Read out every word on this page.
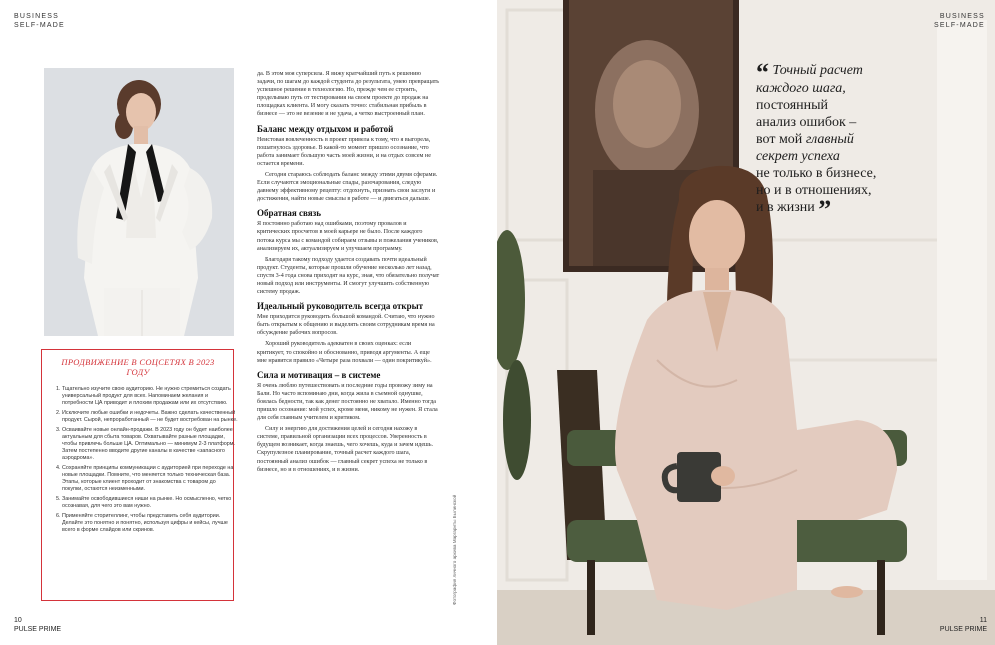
BUSINESS
SELF-MADE

да. В этом моя суперсила. Я вижу кратчайший путь к решению задачи, по шагам до каждой студента до результата, умею превращать успешное решение в технологию. Но, прежде чем ее строить, проделываю путь от тестирования на своем проекте до продаж на площадках клиента. И могу сказать точно: стабильная прибыль в бизнесе — это не везение и не удача, а четко выстроенный план.

Баланс между отдыхом и работой

Неистовая вовлеченность в проект привела к тому, что я выгорела, пошатнулось здоровье. В какой-то момент пришло осознание, что работа занимает большую часть моей жизни, и на отдых совсем не остается времени.

Сегодня стараюсь соблюдать баланс между этими двумя сферами. Если случаются эмоциональные спады, разочарования, следую давнему эффективному рецепту: отдохнуть, признать свои заслуги и достижения, найти новые смыслы в работе — и двигаться дальше.

Обратная связь

Я постоянно работаю над ошибками, поэтому провалов и критических просчетов в моей карьере не было. После каждого потока курса мы с командой собираем отзывы и пожелания учеников, анализируем их, актуализируем и улучшаем программу.

Благодаря такому подходу удается создавать почти идеальный продукт. Студенты, которые прошли обучение несколько лет назад, спустя 3-4 года снова приходят на курс, зная, что обязательно получат новый подход или инструменты. И смогут улучшить собственную систему продаж.

Идеальный руководитель всегда открыт

Мне приходится руководить большой командой. Считаю, что нужно быть открытым к общению и выделять своим сотрудникам время на обсуждение рабочих вопросов.

Хороший руководитель адекватен в своих оценках: если критикует, то спокойно и обоснованно, приводя аргументы. А еще мне нравится правило «Четыре раза похвали — один покритикуй».

Сила и мотивация – в системе

Я очень люблю путешествовать и последние годы провожу зиму на Бали. Но часто вспоминаю дни, когда жила в съемной однушке, боялась бедности, так как денег постоянно не хватало. Именно тогда пришло осознание: мой успех, кроме меня, никому не нужен. Я стала для себя главным учителем и критиком.

Силу и энергию для достижения целей и сегодня нахожу в системе, правильной организации всех процессов. Уверенность в будущем возникает, когда знаешь, чего хочешь, куда и зачем идешь. Скрупулезное планирование, точный расчет каждого шага, постоянный анализ ошибок — главный секрет успеха не только в бизнесе, но и в отношениях, и в жизни.

ПРОДВИЖЕНИЕ В СОЦСЕТЯХ В 2023 ГОДУ
1. Тщательно изучите свою аудиторию. Не нужно стремиться создать универсальный продукт для всех. Напоминаем желания и потребности ЦА приводит и плохим продажам или их отсутствию.
2. Исключите любые ошибки и недочеты. Важно сделать качественный продукт. Сырой, непроработанный — не будет востребован на рынке.
3. Осваивайте новые онлайн-продажи. В 2023 году он будет наиболее актуальным для сбыта товаров. Охватывайте разные площадки, чтобы привлечь больше ЦА. Оптимально — минимум 2-3 платформ. Затем постепенно вводите другие каналы в качестве «запасного аэродрома».
4. Сохраняйте принципы коммуникации с аудиторией при переходе на новые площадки. Помните, что меняется только техническая база. Этапы, которые клиент проходит от знакомства с товаром до покупки, остаются неизменными.
5. Занимайте освободившиеся ниши на рынке. Но осмысленно, четко осознавая, для чего это вам нужно.
6. Применяйте сторителлинг, чтобы представить себя аудитории. Делайте это понятно и понятно, используя цифры и кейсы, лучше всего в форме слайдов или скринов.	Фотография личного архива Маргариты Былинской
10
PULSE PRIME
BUSINESS
SELF-MADE
11
PULSE PRIME
“ Точный расчет
каждого шага,
постоянный
анализ ошибок –
вот мой главный
секрет успеха
не только в бизнесе,
но и в отношениях,
и в жизни ”
